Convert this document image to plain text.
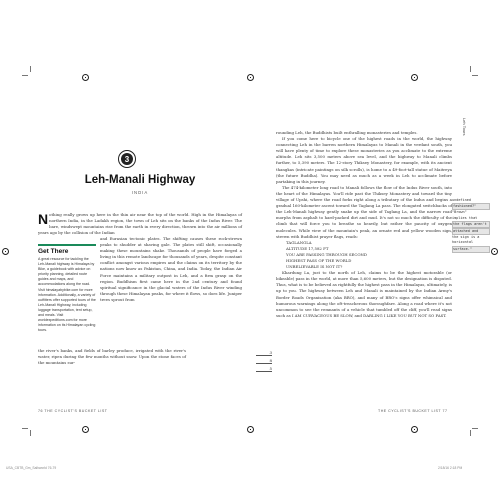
3
Leh-Manali Highway
INDIA

N othing really grows up here in the thin air near the top of the world. High in the Himalayas of northern India, in the Ladakh region, the town of Leh sits on the banks of the Indus River. The bare, windswept mountains rise from the earth in every direction, thrown into the air millions of years ago by the collision of the Indian

Get There
A great resource for tackling the Leh-Manali highway is Himalaya by Bike, a guidebook with advice on priority planning, detailed route guides and maps, and accommodations along the road. Visit himalayabybike.com for more information. Additionally, a variety of outfitters offer supported tours of the Leh-Manali Highway, including luggage transportation, tent setup, and meals. Visit worldexpeditions.com for more information on its Himalayan cycling tours.

and Eurasian tectonic plates. The shifting causes these rock-strewn peaks to shudder at shaving gale. The plates still shift, occasionally making these mountains shake. Thousands of people have forged a living in this remote landscape for thousands of years, despite constant conflict amongst various empires and the claims on its territory by the nations now know as Pakistan, China, and India. Today, the Indian Air Force maintains a military outpost in Leh, and a firm grasp on the region. Buddhism first came here in the 2nd century and found spiritual significance in the glacial waters of the Indus River winding through these Himalayan peaks, for where it flows, so does life. Juniper trees sprout from

the river's banks, and fields of barley produce, irrigated with the river's water, ripen during the few months without snow. Upon the stone faces of the mountains sur-

76 THE CYCLIST'S BUCKET LIST
3
8
5

rounding Leh, the Buddhists built enthralling monasteries and temples.

If you come here to bicycle one of the highest roads in the world, the highway connecting Leh in the barren northern Himalayas to Manali in the verdant south, you will have plenty of time to explore these monasteries as you acclimate to the extreme altitude. Leh sits 3,500 meters above sea level, and the highway to Manali climbs further, to 5,390 meters. The 12-story Thiksey Monastery, for example, with its ancient thangkas (intricate paintings on silk scrolls), is home to a 49-foot-tall statue of Maitreya (the future Buddha). You may need as much as a week in Leh to acclimate before partaking in this journey.

The 474-kilometer long road to Manali follows the flow of the Indus River south, into the heart of the Himalayas. You'll ride past the Thiksey Monastery and toward the tiny village of Upshi, where the road forks right along a tributary of the Indus and begins a gradual 160-kilometer ascent toward the Taglang La pass. The elongated switchbacks of the Leh-Manali highway gently snake up the side of Taglang La, and the narrow road morphs from asphalt to hard-packed dirt and mud. It's not so much the difficulty of the climb that will force you to breathe so heavily, but rather the paucity of oxygen molecules. While view of the mountain's peak, an ornate red and yellow wooden sign, strewn with Buddhist prayer flags, reads:

TAGLANGLA
ALTITUDE 17,582 FT
YOU ARE PASSING THROUGH SECOND
HIGHEST PASS OF THE WORLD
UNBELIEVABLE IS NOT IT?

Khardung La, just to the north of Leh, claims to be the highest motorable (or bikeable) pass in the world, at more than 5,600 meters, but the designation is disputed. Thus, what is to be believed as rightfully the highest pass in the Himalayas, ultimately, is up to you. The highway between Leh and Manali is maintained by the Indian Army's Border Roads Organisation (aka BRO), and many of BRO's signs offer whimsical and humorous warnings along the oft-treacherous thoroughfare. Along a road where it's not uncommon to see the remnants of a vehicle that tumbled off the cliff, you'll read signs such as I AM CURVACEOUS BE SLOW, and DARLING I LIKE YOU BUT NOT SO FAST.

THE CYCLIST'S BUCKET LIST 77
Leh Tours
undefined
fashioned?"
"Brown"
implies that
the flags aren't
attached and
the sign is a
horizontal
surface."
USA_CBTB_Gm_Salhworld 76-79	2/18/16 2:18 PM
